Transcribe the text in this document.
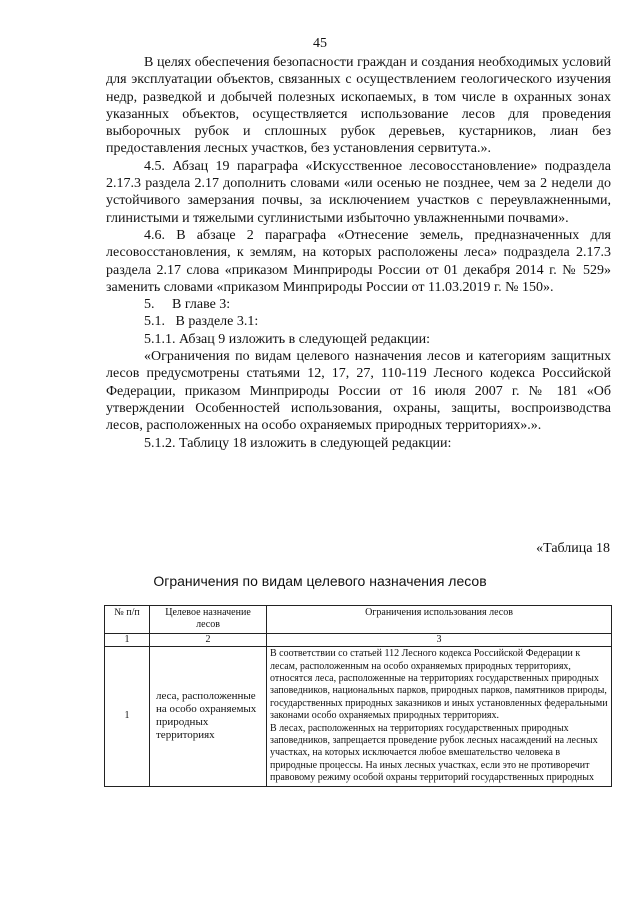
45

В целях обеспечения безопасности граждан и создания необходимых условий для эксплуатации объектов, связанных с осуществлением геологического изучения недр, разведкой и добычей полезных ископаемых, в том числе в охранных зонах указанных объектов, осуществляется использование лесов для проведения выборочных рубок и сплошных рубок деревьев, кустарников, лиан без предоставления лесных участков, без установления сервитута.».

4.5. Абзац 19 параграфа «Искусственное лесовосстановление» подраздела 2.17.3 раздела 2.17 дополнить словами «или осенью не позднее, чем за 2 недели до устойчивого замерзания почвы, за исключением участков с переувлажненными, глинистыми и тяжелыми суглинистыми избыточно увлажненными почвами».

4.6. В абзаце 2 параграфа «Отнесение земель, предназначенных для лесовосстановления, к землям, на которых расположены леса» подраздела 2.17.3 раздела 2.17 слова «приказом Минприроды России от 01 декабря 2014 г. № 529» заменить словами «приказом Минприроды России от 11.03.2019 г. № 150».

5.     В главе 3:

5.1.   В разделе 3.1:

5.1.1. Абзац 9 изложить в следующей редакции:

«Ограничения по видам целевого назначения лесов и категориям защитных лесов предусмотрены статьями 12, 17, 27, 110-119 Лесного кодекса Российской Федерации, приказом Минприроды России от 16 июля 2007 г. № 181 «Об утверждении Особенностей использования, охраны, защиты, воспроизводства лесов, расположенных на особо охраняемых природных территориях».».

5.1.2. Таблицу 18 изложить в следующей редакции:

«Таблица 18
Ограничения по видам целевого назначения лесов
№ п/п	Целевое назначение лесов	Ограничения использования лесов
1	2	3
1	леса, расположенные на особо охраняемых природных территориях	В соответствии со статьей 112 Лесного кодекса Российской Федерации к лесам, расположенным на особо охраняемых природных территориях, относятся леса, расположенные на территориях государственных природных заповедников, национальных парков, природных парков, памятников природы, государственных природных заказников и иных установленных федеральными законами особо охраняемых природных территориях.

В лесах, расположенных на территориях государственных природных заповедников, запрещается проведение рубок лесных насаждений на лесных участках, на которых исключается любое вмешательство человека в природные процессы. На иных лесных участках, если это не противоречит правовому режиму особой охраны территорий государственных природных
